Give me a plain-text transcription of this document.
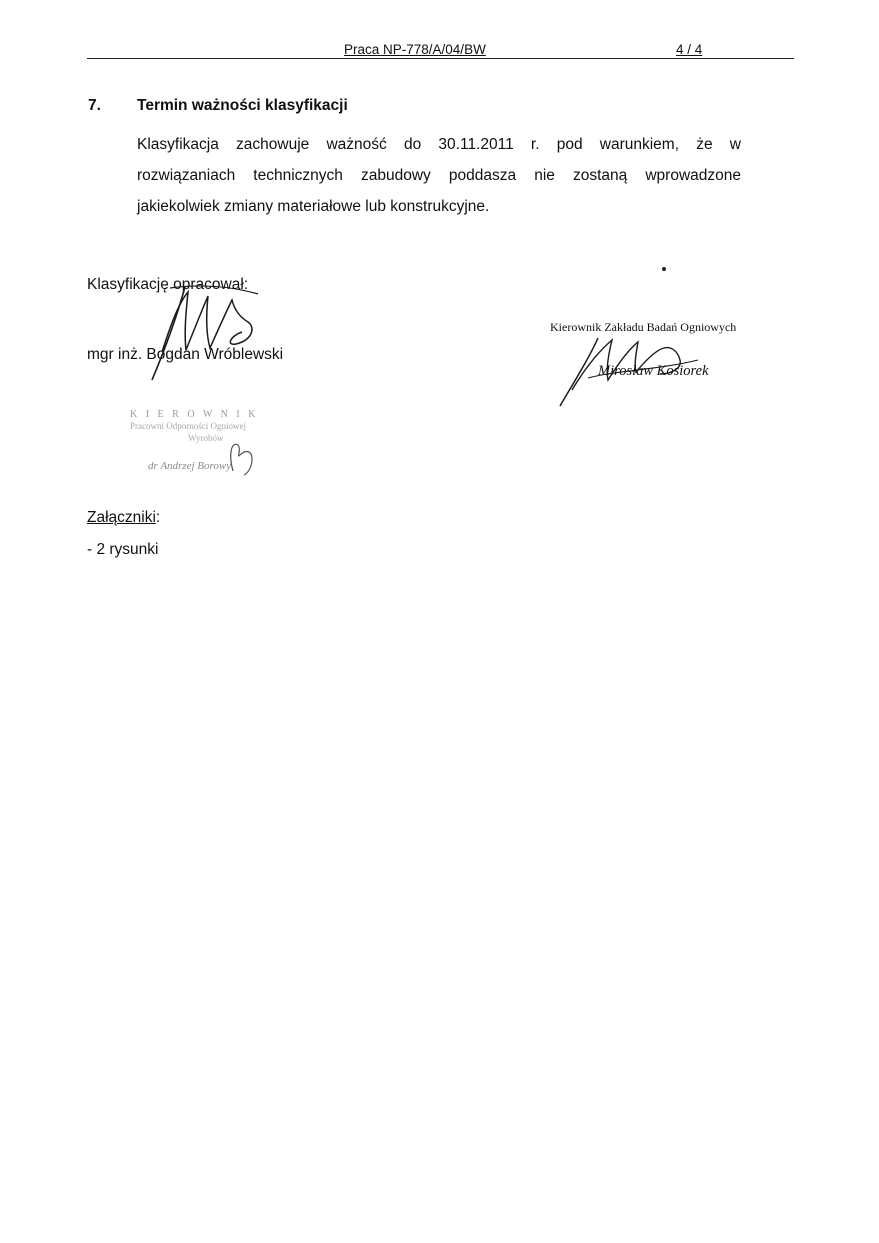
Praca NP-778/A/04/BW	4 / 4
7. Termin ważności klasyfikacji
Klasyfikacja zachowuje ważność do 30.11.2011 r. pod warunkiem, że w
rozwiązaniach technicznych zabudowy poddasza nie zostaną wprowadzone
jakiekolwiek zmiany materiałowe lub konstrukcyjne.
Klasyfikację opracował:
mgr inż. Bogdan Wróblewski
Kierownik Zakładu Badań Ogniowych
Mirosław Kosiorek
K I E R O W N I K
Pracowni Odporności Ogniowej
Wyrobów
dr Andrzej Borowy
Załączniki:
- 2 rysunki
